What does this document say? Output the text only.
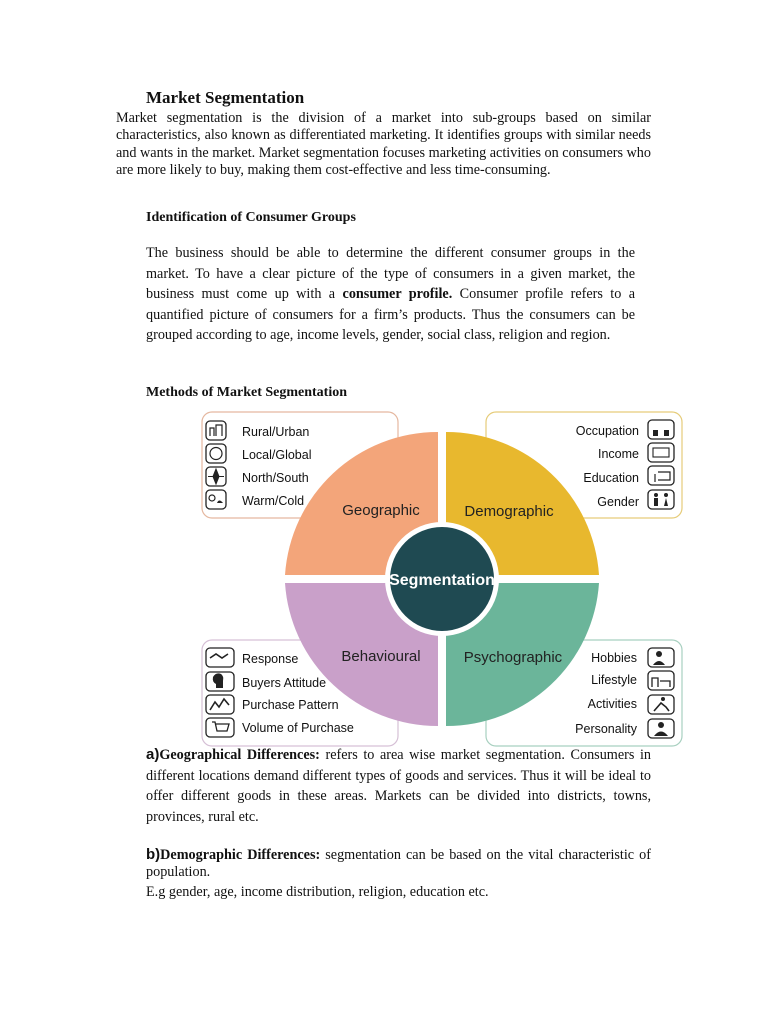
Market Segmentation

Market segmentation is the division of a market into sub-groups based on similar characteristics, also known as differentiated marketing. It identifies groups with similar needs and wants in the market. Market segmentation focuses marketing activities on consumers who are more likely to buy, making them cost-effective and less time-consuming.

Identification of Consumer Groups

The business should be able to determine the different consumer groups in the market. To have a clear picture of the type of consumers in a given market, the business must come up with a consumer profile. Consumer profile refers to a quantified picture of consumers for a firm’s products. Thus the consumers can be grouped according to age, income levels, gender, social class, religion and region.

Methods of Market Segmentation
Segmentation
Geographic	Demographic
Behavioural	Psychographic
Rural/Urban
Local/Global
North/South
Warm/Cold
Occupation
Income
Education
Gender
Response
Buyers Attitude
Purchase Pattern
Volume of Purchase
Hobbies
Lifestyle
Activities
Personality
a)Geographical Differences: refers to area wise market segmentation. Consumers in different locations demand different types of goods and services. Thus it will be ideal to offer different goods in these areas. Markets can be divided into districts, towns, provinces, rural etc.
b)Demographic Differences: segmentation can be based on the vital characteristic of population.
E.g gender, age, income distribution, religion, education etc.
